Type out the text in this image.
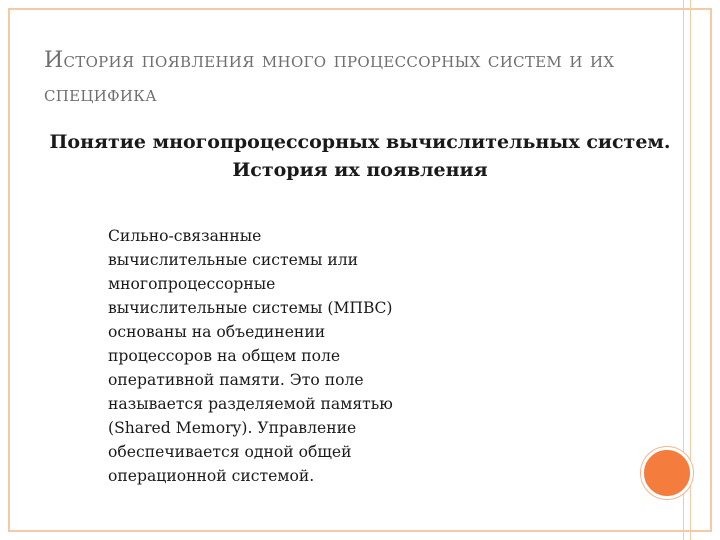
История появления много процессорных систем и их специфика
Понятие многопроцессорных вычислительных систем. История их появления
Сильно-связанные
вычислительные системы или
многопроцессорные
вычислительные системы (МПВС)
основаны на объединении
процессоров на общем поле
оперативной памяти. Это поле
называется разделяемой памятью
(Shared Memory). Управление
обеспечивается одной общей
операционной системой.
